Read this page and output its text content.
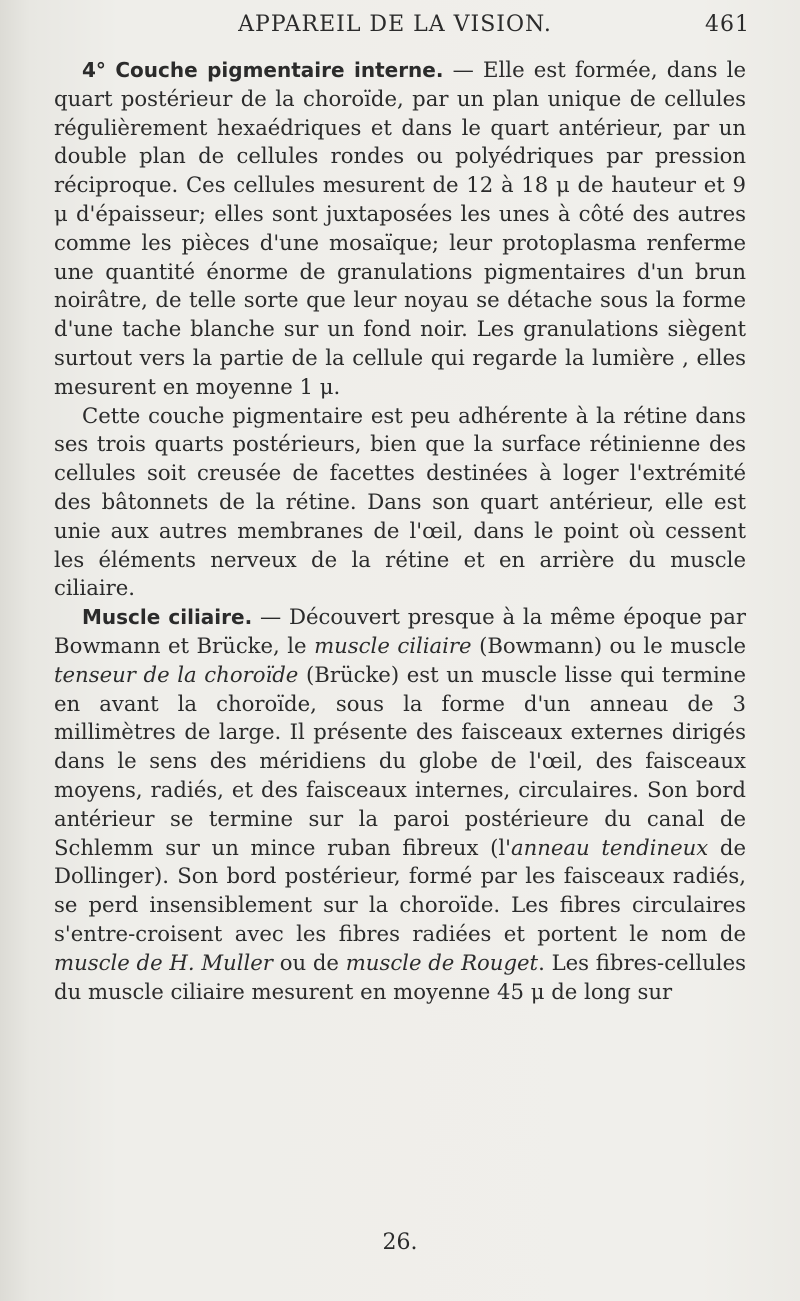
APPAREIL DE LA VISION.	461

4° Couche pigmentaire interne. — Elle est formée, dans le quart postérieur de la choroïde, par un plan unique de cellules régulièrement hexaédriques et dans le quart antérieur, par un double plan de cellules rondes ou polyédriques par pression réciproque. Ces cellules mesurent de 12 à 18 μ de hauteur et 9 μ d'épaisseur; elles sont juxtaposées les unes à côté des autres comme les pièces d'une mosaïque; leur protoplasma renferme une quantité énorme de granulations pigmentaires d'un brun noirâtre, de telle sorte que leur noyau se détache sous la forme d'une tache blanche sur un fond noir. Les granulations siègent surtout vers la partie de la cellule qui regarde la lumière , elles mesurent en moyenne 1 μ.

Cette couche pigmentaire est peu adhérente à la rétine dans ses trois quarts postérieurs, bien que la surface rétinienne des cellules soit creusée de facettes destinées à loger l'extrémité des bâtonnets de la rétine. Dans son quart antérieur, elle est unie aux autres membranes de l'œil, dans le point où cessent les éléments nerveux de la rétine et en arrière du muscle ciliaire.

Muscle ciliaire. — Découvert presque à la même époque par Bowmann et Brücke, le muscle ciliaire (Bowmann) ou le muscle tenseur de la choroïde (Brücke) est un muscle lisse qui termine en avant la choroïde, sous la forme d'un anneau de 3 millimètres de large. Il présente des faisceaux externes dirigés dans le sens des méridiens du globe de l'œil, des faisceaux moyens, radiés, et des faisceaux internes, circulaires. Son bord antérieur se termine sur la paroi postérieure du canal de Schlemm sur un mince ruban fibreux (l'anneau tendineux de Dollinger). Son bord postérieur, formé par les faisceaux radiés, se perd insensiblement sur la choroïde. Les fibres circulaires s'entre-croisent avec les fibres radiées et portent le nom de muscle de H. Muller ou de muscle de Rouget. Les fibres-cellules du muscle ciliaire mesurent en moyenne 45 μ de long sur

26.
